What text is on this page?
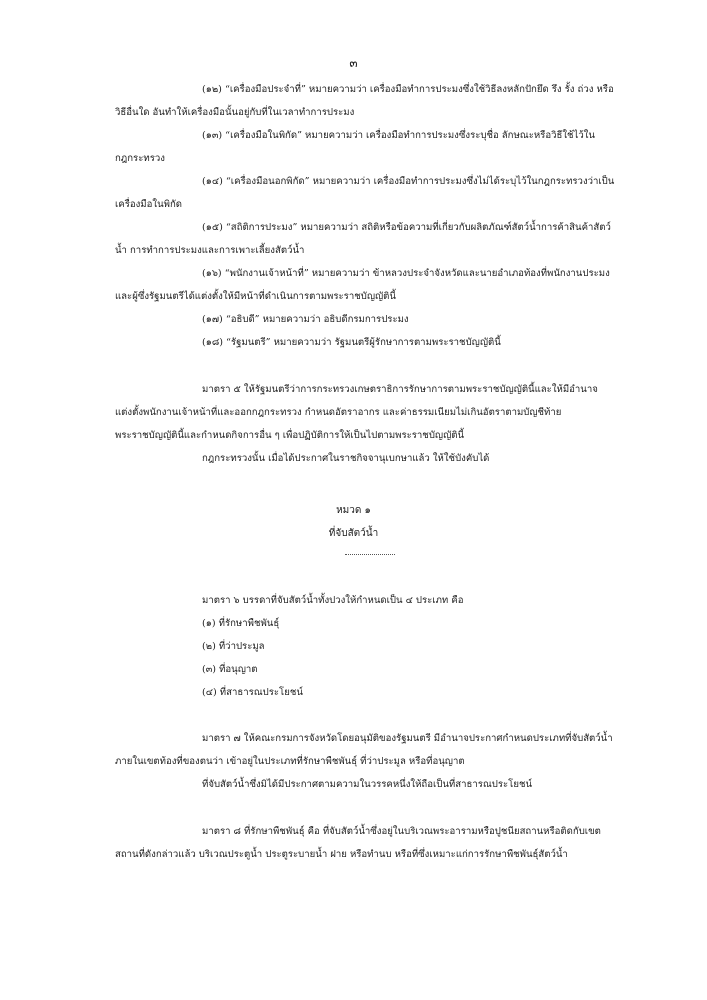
๓
(๑๒) “เครื่องมือประจำที่” หมายความว่า เครื่องมือทำการประมงซึ่งใช้วิธีลงหลักปักยึด รึง รั้ง ถ่วง หรือ
วิธีอื่นใด อันทำให้เครื่องมือนั้นอยู่กับที่ในเวลาทำการประมง
(๑๓) “เครื่องมือในพิกัด” หมายความว่า เครื่องมือทำการประมงซึ่งระบุชื่อ ลักษณะหรือวิธีใช้ไว้ใน
กฎกระทรวง
(๑๔) “เครื่องมือนอกพิกัด” หมายความว่า เครื่องมือทำการประมงซึ่งไม่ได้ระบุไว้ในกฎกระทรวงว่าเป็น
เครื่องมือในพิกัด
(๑๕) “สถิติการประมง” หมายความว่า สถิติหรือข้อความที่เกี่ยวกับผลิตภัณฑ์สัตว์น้ำการค้าสินค้าสัตว์
น้ำ การทำการประมงและการเพาะเลี้ยงสัตว์น้ำ
(๑๖) “พนักงานเจ้าหน้าที่” หมายความว่า ข้าหลวงประจำจังหวัดและนายอำเภอท้องที่พนักงานประมง
และผู้ซึ่งรัฐมนตรีได้แต่งตั้งให้มีหน้าที่ดำเนินการตามพระราชบัญญัตินี้
(๑๗) “อธิบดี” หมายความว่า อธิบดีกรมการประมง
(๑๘) “รัฐมนตรี” หมายความว่า รัฐมนตรีผู้รักษาการตามพระราชบัญญัตินี้
มาตรา ๕ ให้รัฐมนตรีว่าการกระทรวงเกษตราธิการรักษาการตามพระราชบัญญัตินี้และให้มีอำนาจ
แต่งตั้งพนักงานเจ้าหน้าที่และออกกฎกระทรวง กำหนดอัตราอากร และค่าธรรมเนียมไม่เกินอัตราตามบัญชีท้าย
พระราชบัญญัตินี้และกำหนดกิจการอื่น ๆ เพื่อปฏิบัติการให้เป็นไปตามพระราชบัญญัตินี้
กฎกระทรวงนั้น เมื่อได้ประกาศในราชกิจจานุเบกษาแล้ว ให้ใช้บังคับได้
หมวด ๑
ที่จับสัตว์น้ำ
มาตรา ๖ บรรดาที่จับสัตว์น้ำทั้งปวงให้กำหนดเป็น ๔ ประเภท คือ
(๑) ที่รักษาพืชพันธุ์
(๒) ที่ว่าประมูล
(๓) ที่อนุญาต
(๔) ที่สาธารณประโยชน์
มาตรา ๗ ให้คณะกรมการจังหวัดโดยอนุมัติของรัฐมนตรี มีอำนาจประกาศกำหนดประเภทที่จับสัตว์น้ำ
ภายในเขตท้องที่ของตนว่า เข้าอยู่ในประเภทที่รักษาพืชพันธุ์ ที่ว่าประมูล หรือที่อนุญาต
ที่จับสัตว์น้ำซึ่งมิได้มีประกาศตามความในวรรคหนึ่งให้ถือเป็นที่สาธารณประโยชน์
มาตรา ๘ ที่รักษาพืชพันธุ์ คือ ที่จับสัตว์น้ำซึ่งอยู่ในบริเวณพระอารามหรือปูชนียสถานหรือติดกับเขต
สถานที่ดังกล่าวแล้ว บริเวณประตูน้ำ ประตูระบายน้ำ ฝาย หรือทำนบ หรือที่ซึ่งเหมาะแก่การรักษาพืชพันธุ์สัตว์น้ำ
